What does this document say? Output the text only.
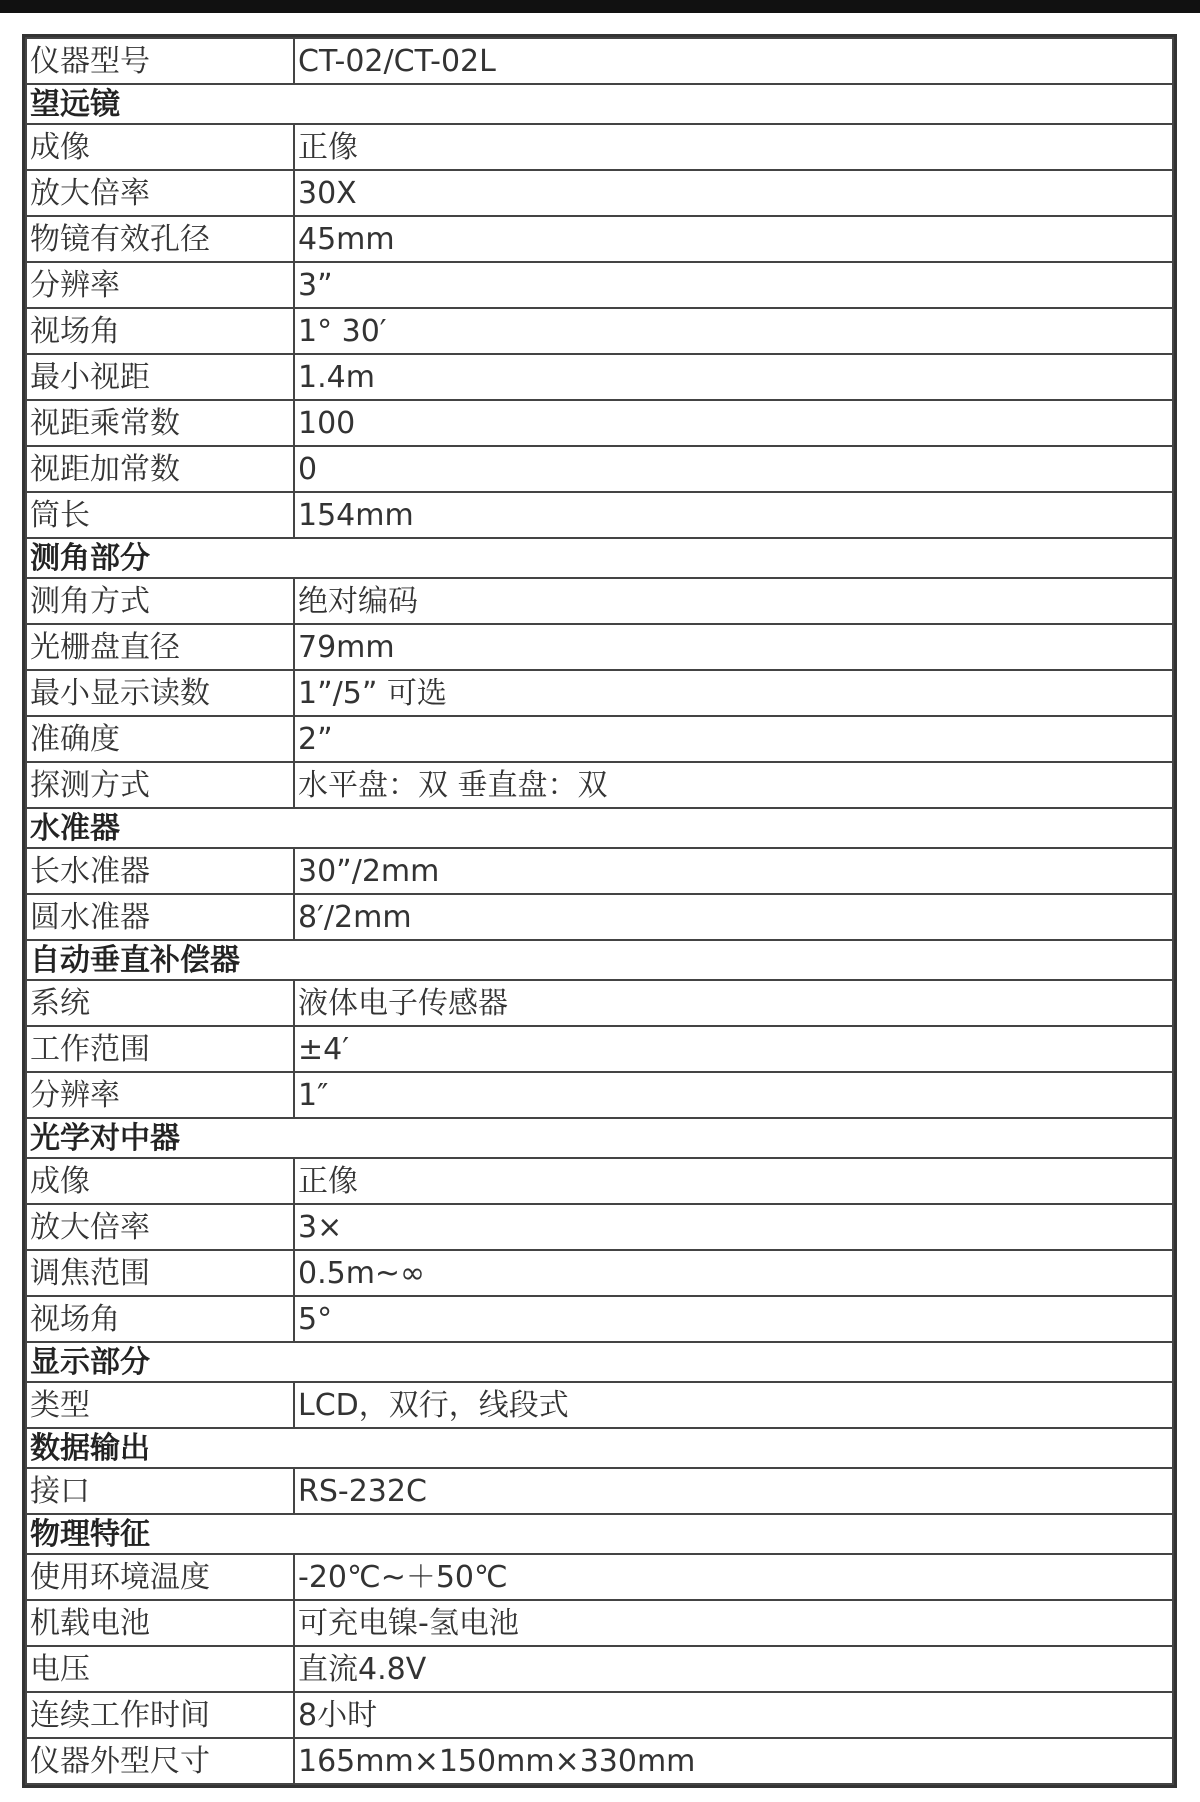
仪器型号	CT-02/CT-02L
望远镜	
成像	正像
放大倍率	30X
物镜有效孔径	45mm
分辨率	3”
视场角	1° 30′
最小视距	1.4m
视距乘常数	100
视距加常数	0
筒长	154mm
测角部分	
测角方式	绝对编码
光栅盘直径	79mm
最小显示读数	1”/5” 可选
准确度	2”
探测方式	水平盘：双 垂直盘：双
水准器	
长水准器	30”/2mm
圆水准器	8′/2mm
自动垂直补偿器	
系统	液体电子传感器
工作范围	±4′
分辨率	1″
光学对中器	
成像	正像
放大倍率	3×
调焦范围	0.5m~∞
视场角	5°
显示部分	
类型	LCD，双行，线段式
数据输出	
接口	RS-232C
物理特征	
使用环境温度	-20℃~＋50℃
机载电池	可充电镍-氢电池
电压	直流4.8V
连续工作时间	8小时
仪器外型尺寸	165mm×150mm×330mm
